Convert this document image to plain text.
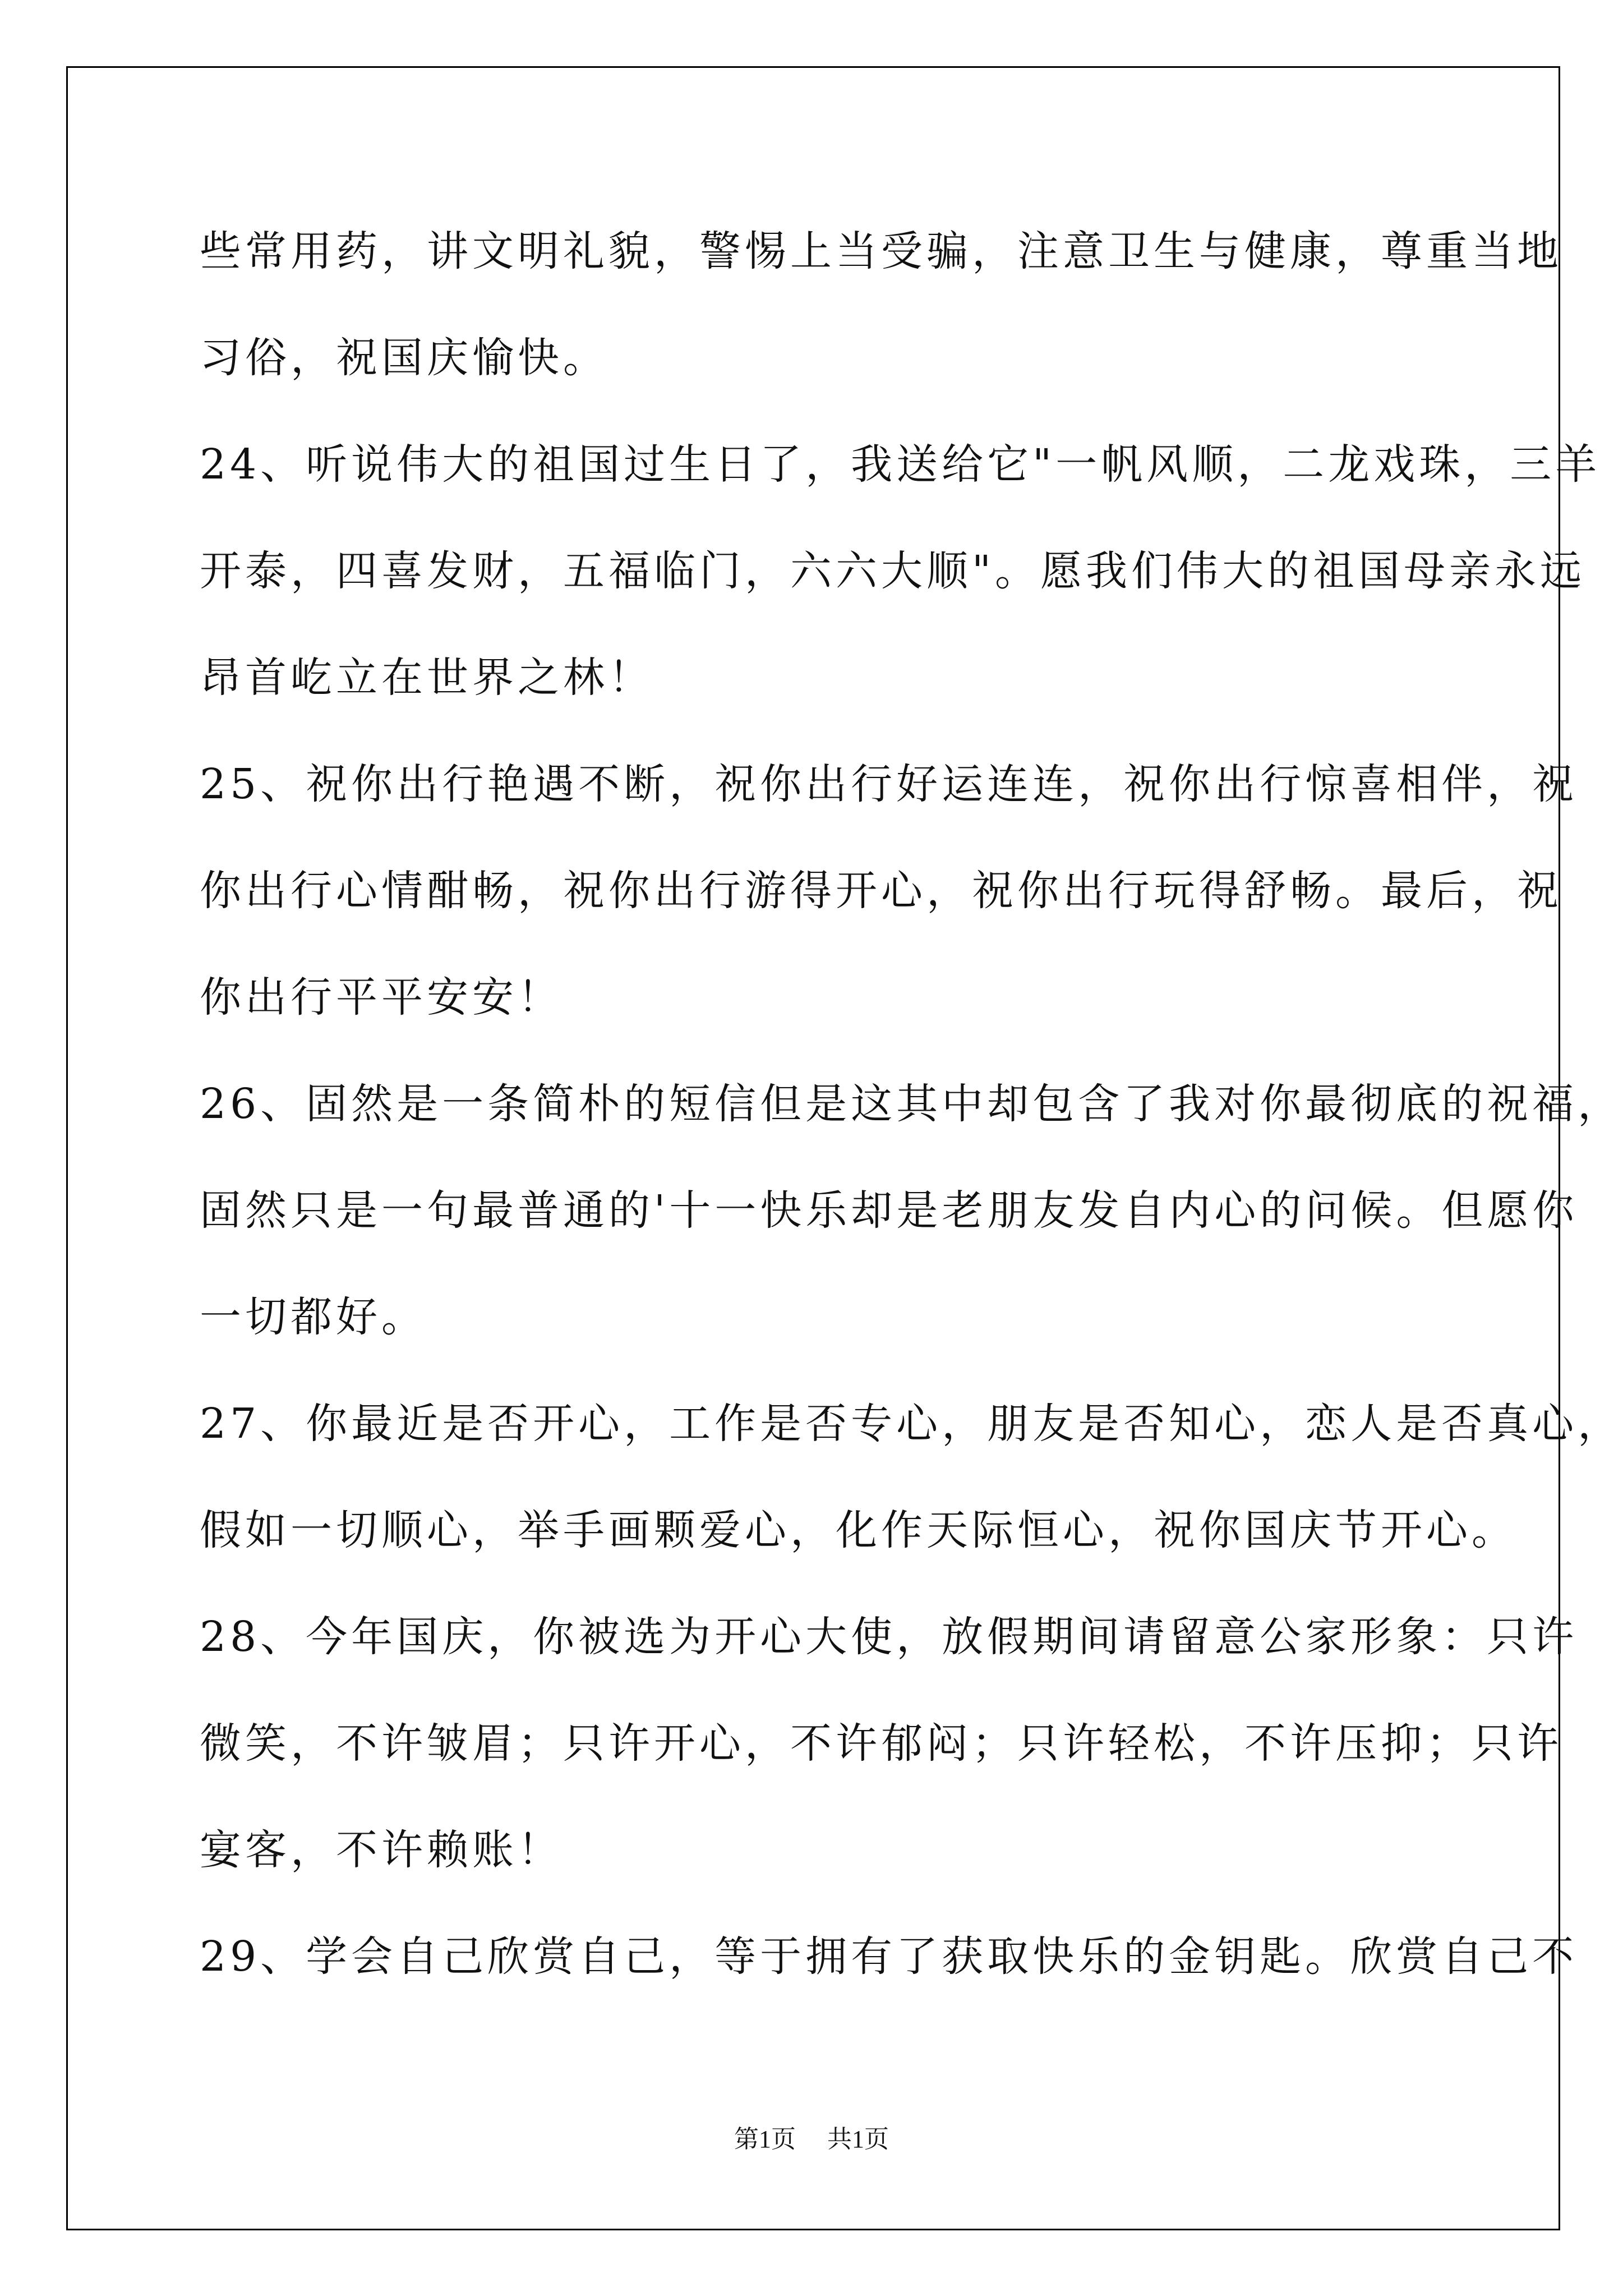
些常用药，讲文明礼貌，警惕上当受骗，注意卫生与健康，尊重当地
习俗，祝国庆愉快。
24、听说伟大的祖国过生日了，我送给它"一帆风顺，二龙戏珠，三羊
开泰，四喜发财，五福临门，六六大顺"。愿我们伟大的祖国母亲永远
昂首屹立在世界之林！
25、祝你出行艳遇不断，祝你出行好运连连，祝你出行惊喜相伴，祝
你出行心情酣畅，祝你出行游得开心，祝你出行玩得舒畅。最后，祝
你出行平平安安！
26、固然是一条简朴的短信但是这其中却包含了我对你最彻底的祝福，
固然只是一句最普通的'十一快乐却是老朋友发自内心的问候。但愿你
一切都好。
27、你最近是否开心，工作是否专心，朋友是否知心，恋人是否真心，
假如一切顺心，举手画颗爱心，化作天际恒心，祝你国庆节开心。
28、今年国庆，你被选为开心大使，放假期间请留意公家形象：只许
微笑，不许皱眉；只许开心，不许郁闷；只许轻松，不许压抑；只许
宴客，不许赖账！
29、学会自己欣赏自己，等于拥有了获取快乐的金钥匙。欣赏自己不
第1页 共1页
